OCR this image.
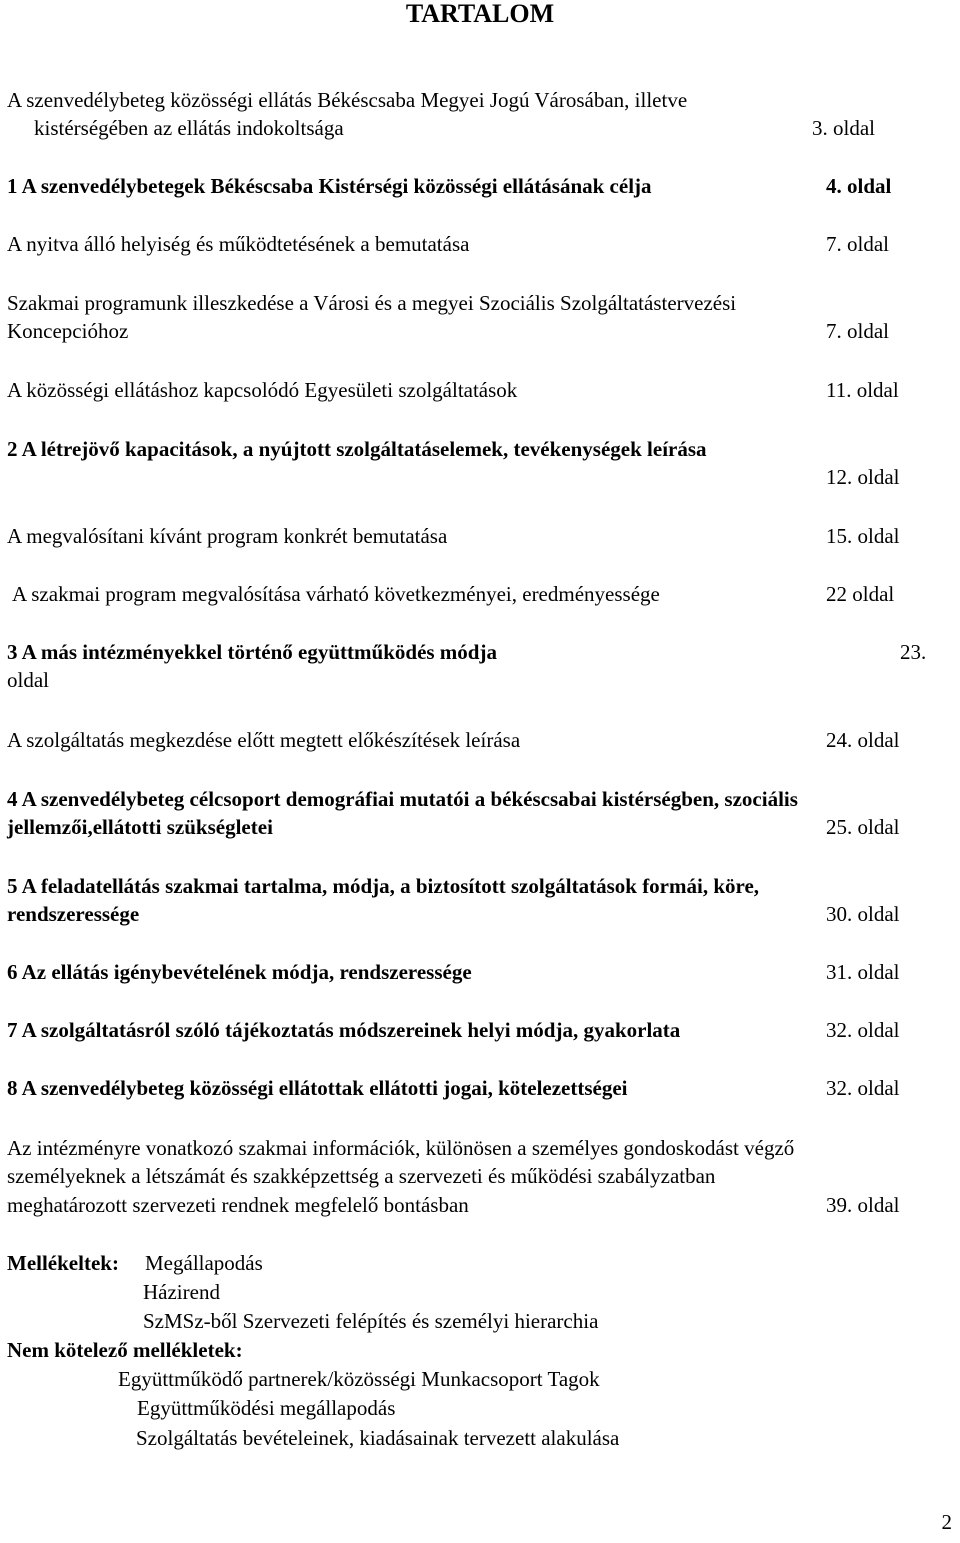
TARTALOM
A szenvedélybeteg közösségi ellátás Békéscsaba Megyei Jogú Városában, illetve
kistérségében az ellátás indokoltsága	3. oldal
1 A szenvedélybetegek Békéscsaba Kistérségi közösségi ellátásának célja	4. oldal
A nyitva álló helyiség és működtetésének a bemutatása	7. oldal
Szakmai programunk illeszkedése a Városi és a megyei Szociális Szolgáltatástervezési
Koncepcióhoz	7. oldal
A közösségi ellátáshoz kapcsolódó Egyesületi szolgáltatások	11. oldal
2 A létrejövő kapacitások, a nyújtott szolgáltatáselemek, tevékenységek leírása
12. oldal
A megvalósítani kívánt program konkrét bemutatása	15. oldal
A szakmai program megvalósítása várható következményei, eredményessége	22 oldal
3 A más intézményekkel történő együttműködés módja	23.
oldal
A szolgáltatás megkezdése előtt megtett előkészítések leírása	24. oldal
4 A szenvedélybeteg célcsoport demográfiai mutatói a békéscsabai kistérségben, szociális
jellemzői,ellátotti szükségletei	25. oldal
5 A feladatellátás szakmai tartalma, módja, a biztosított szolgáltatások formái, köre,
rendszeressége	30. oldal
6 Az ellátás igénybevételének módja, rendszeressége	31. oldal
7 A szolgáltatásról szóló tájékoztatás módszereinek helyi módja, gyakorlata	32. oldal
8 A szenvedélybeteg közösségi ellátottak ellátotti jogai, kötelezettségei	32. oldal
Az intézményre vonatkozó szakmai információk, különösen a személyes gondoskodást végző
személyeknek a létszámát és szakképzettség a szervezeti és működési szabályzatban
meghatározott szervezeti rendnek megfelelő bontásban	39. oldal
Mellékeltek: Megállapodás
Házirend
SzMSz-ből Szervezeti felépítés és személyi hierarchia
Nem kötelező mellékletek:
Együttműködő partnerek/közösségi Munkacsoport Tagok
Együttműködési megállapodás
Szolgáltatás bevételeinek, kiadásainak tervezett alakulása
2
